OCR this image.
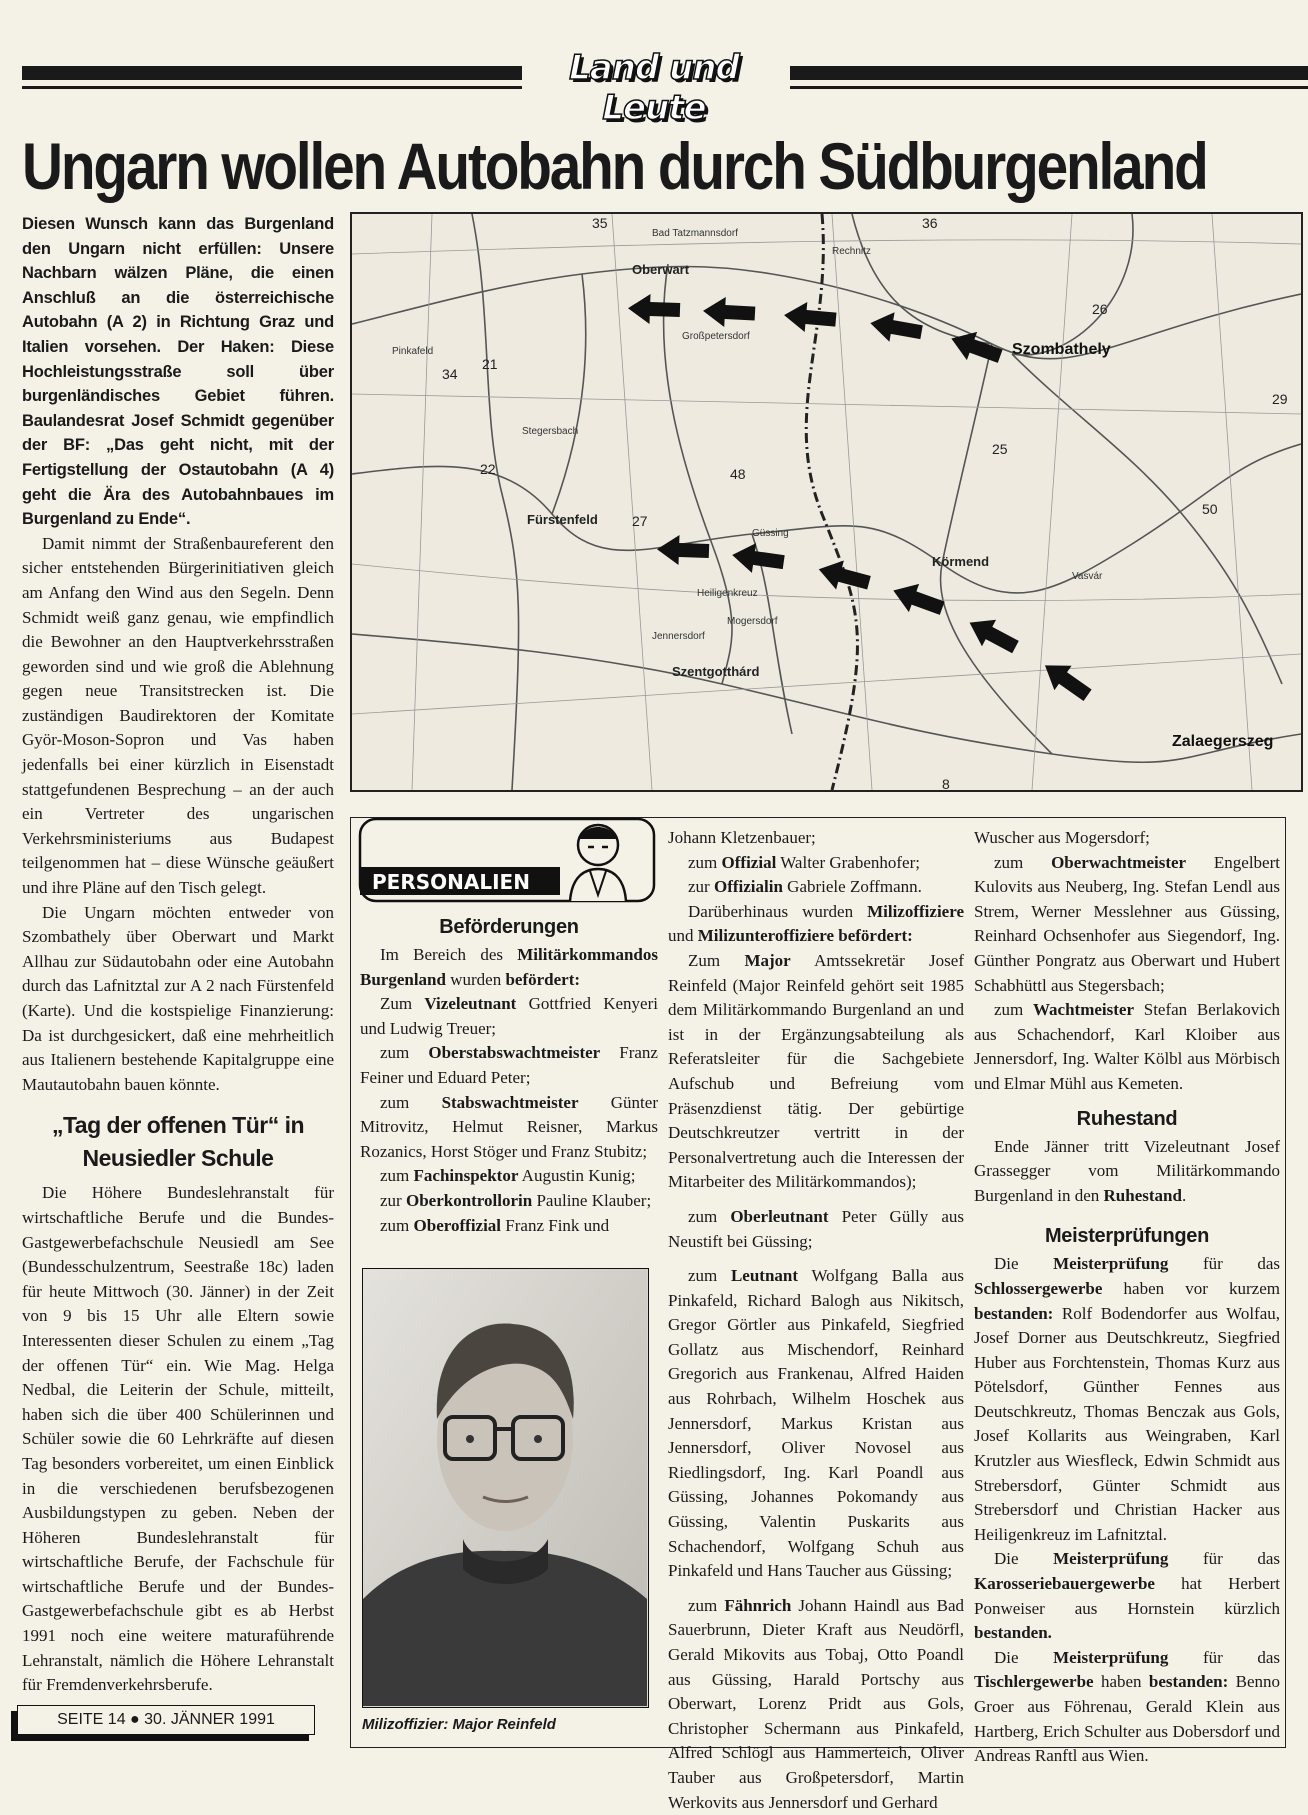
Land und Leute
Ungarn wollen Autobahn durch Südburgenland

Diesen Wunsch kann das Burgenland den Ungarn nicht erfüllen: Unsere Nachbarn wälzen Pläne, die einen Anschluß an die österreichische Autobahn (A 2) in Richtung Graz und Italien vorsehen. Der Haken: Diese Hochleistungsstraße soll über burgenländisches Gebiet führen. Baulandesrat Josef Schmidt gegenüber der BF: „Das geht nicht, mit der Fertigstellung der Ostautobahn (A 4) geht die Ära des Autobahnbaues im Burgenland zu Ende“.

Damit nimmt der Straßenbaureferent den sicher entstehenden Bürgerinitiativen gleich am Anfang den Wind aus den Segeln. Denn Schmidt weiß ganz genau, wie empfindlich die Bewohner an den Hauptverkehrsstraßen geworden sind und wie groß die Ablehnung gegen neue Transitstrecken ist. Die zuständigen Baudirektoren der Komitate Györ-Moson-Sopron und Vas haben jedenfalls bei einer kürzlich in Eisenstadt stattgefundenen Besprechung – an der auch ein Vertreter des ungarischen Verkehrsministeriums aus Budapest teilgenommen hat – diese Wünsche geäußert und ihre Pläne auf den Tisch gelegt.

Die Ungarn möchten entweder von Szombathely über Oberwart und Markt Allhau zur Südautobahn oder eine Autobahn durch das Lafnitztal zur A 2 nach Fürstenfeld (Karte). Und die kostspielige Finanzierung: Da ist durchgesickert, daß eine mehrheitlich aus Italienern bestehende Kapitalgruppe eine Mautautobahn bauen könnte.

„Tag der offenen Tür“ in Neusiedler Schule

Die Höhere Bundeslehranstalt für wirtschaftliche Berufe und die Bundes-Gastgewerbefachschule Neusiedl am See (Bundesschulzentrum, Seestraße 18c) laden für heute Mittwoch (30. Jänner) in der Zeit von 9 bis 15 Uhr alle Eltern sowie Interessenten dieser Schulen zu einem „Tag der offenen Tür“ ein. Wie Mag. Helga Nedbal, die Leiterin der Schule, mitteilt, haben sich die über 400 Schülerinnen und Schüler sowie die 60 Lehrkräfte auf diesen Tag besonders vorbereitet, um einen Einblick in die verschiedenen berufsbezogenen Ausbildungstypen zu geben. Neben der Höheren Bundeslehranstalt für wirtschaftliche Berufe, der Fachschule für wirtschaftliche Berufe und der Bundes-Gastgewerbefachschule gibt es ab Herbst 1991 noch eine weitere maturaführende Lehranstalt, nämlich die Höhere Lehranstalt für Fremdenverkehrsberufe.

Oberwart
Szombathely
Fürstenfeld
Güssing
Szentgotthárd
Körmend
Zalaegerszeg
Jennersdorf
Großpetersdorf
Stegersbach
Rechnitz
Vasvár
Bad Tatzmannsdorf
Pinkafeld
Heiligenkreuz
Mogersdorf
36
26
25
29
50
8
21
34
22
27
48
35
PERSONALIEN
Beförderungen

Im Bereich des Militärkommandos Burgenland wurden befördert:

Zum Vizeleutnant Gottfried Kenyeri und Ludwig Treuer;

zum Oberstabswachtmeister Franz Feiner und Eduard Peter;

zum Stabswachtmeister Günter Mitrovitz, Helmut Reisner, Markus Rozanics, Horst Stöger und Franz Stubitz;

zum Fachinspektor Augustin Kunig;

zur Oberkontrollorin Pauline Klauber;

zum Oberoffizial Franz Fink und

Milizoffizier: Major Reinfeld

Johann Kletzenbauer;

zum Offizial Walter Grabenhofer;

zur Offizialin Gabriele Zoffmann.

Darüberhinaus wurden Milizoffiziere und Milizunteroffiziere befördert:

Zum Major Amtssekretär Josef Reinfeld (Major Reinfeld gehört seit 1985 dem Militärkommando Burgenland an und ist in der Ergänzungsabteilung als Referatsleiter für die Sachgebiete Aufschub und Befreiung vom Präsenzdienst tätig. Der gebürtige Deutschkreutzer vertritt in der Personalvertretung auch die Interessen der Mitarbeiter des Militärkommandos);

zum Oberleutnant Peter Gülly aus Neustift bei Güssing;

zum Leutnant Wolfgang Balla aus Pinkafeld, Richard Balogh aus Nikitsch, Gregor Görtler aus Pinkafeld, Siegfried Gollatz aus Mischendorf, Reinhard Gregorich aus Frankenau, Alfred Haiden aus Rohrbach, Wilhelm Hoschek aus Jennersdorf, Markus Kristan aus Jennersdorf, Oliver Novosel aus Riedlingsdorf, Ing. Karl Poandl aus Güssing, Johannes Pokomandy aus Güssing, Valentin Puskarits aus Schachendorf, Wolfgang Schuh aus Pinkafeld und Hans Taucher aus Güssing;

zum Fähnrich Johann Haindl aus Bad Sauerbrunn, Dieter Kraft aus Neudörfl, Gerald Mikovits aus Tobaj, Otto Poandl aus Güssing, Harald Portschy aus Oberwart, Lorenz Pridt aus Gols, Christopher Schermann aus Pinkafeld, Alfred Schlögl aus Hammerteich, Oliver Tauber aus Großpetersdorf, Martin Werkovits aus Jennersdorf und Gerhard

Wuscher aus Mogersdorf;

zum Oberwachtmeister Engelbert Kulovits aus Neuberg, Ing. Stefan Lendl aus Strem, Werner Messlehner aus Güssing, Reinhard Ochsenhofer aus Siegendorf, Ing. Günther Pongratz aus Oberwart und Hubert Schabhüttl aus Stegersbach;

zum Wachtmeister Stefan Berlakovich aus Schachendorf, Karl Kloiber aus Jennersdorf, Ing. Walter Kölbl aus Mörbisch und Elmar Mühl aus Kemeten.

Ruhestand

Ende Jänner tritt Vizeleutnant Josef Grassegger vom Militärkommando Burgenland in den Ruhestand.

Meisterprüfungen

Die Meisterprüfung für das Schlossergewerbe haben vor kurzem bestanden: Rolf Bodendorfer aus Wolfau, Josef Dorner aus Deutschkreutz, Siegfried Huber aus Forchtenstein, Thomas Kurz aus Pötelsdorf, Günther Fennes aus Deutschkreutz, Thomas Benczak aus Gols, Josef Kollarits aus Weingraben, Karl Krutzler aus Wiesfleck, Edwin Schmidt aus Strebersdorf, Günter Schmidt aus Strebersdorf und Christian Hacker aus Heiligenkreuz im Lafnitztal.

Die Meisterprüfung für das Karosseriebauergewerbe hat Herbert Ponweiser aus Hornstein kürzlich bestanden.

Die Meisterprüfung für das Tischlergewerbe haben bestanden: Benno Groer aus Föhrenau, Gerald Klein aus Hartberg, Erich Schulter aus Dobersdorf und Andreas Ranftl aus Wien.

SEITE 14 ● 30. JÄNNER 1991
